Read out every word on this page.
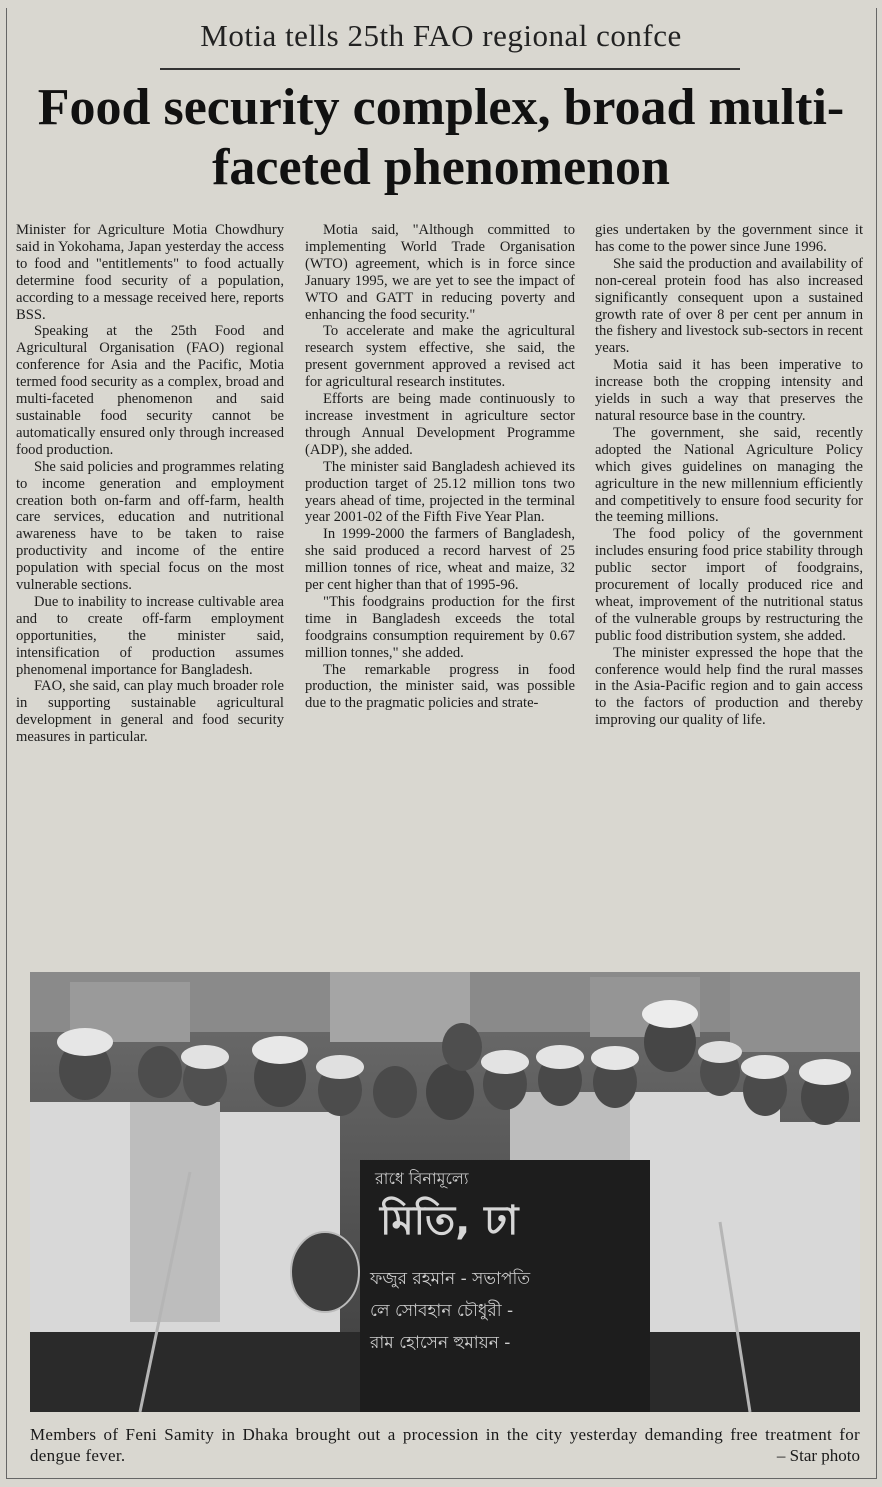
Motia tells 25th FAO regional confce
Food security complex, broad multi-faceted phenomenon

Minister for Agriculture Motia Chowdhury said in Yokohama, Japan yesterday the access to food and "entitlements" to food actually determine food security of a population, according to a message received here, reports BSS.

Speaking at the 25th Food and Agricultural Organisation (FAO) regional conference for Asia and the Pacific, Motia termed food security as a complex, broad and multi-faceted phenomenon and said sustainable food security cannot be automatically ensured only through increased food production.

She said policies and programmes relating to income generation and employment creation both on-farm and off-farm, health care services, education and nutritional awareness have to be taken to raise productivity and income of the entire population with special focus on the most vulnerable sections.

Due to inability to increase cultivable area and to create off-farm employment opportunities, the minister said, intensification of production assumes phenomenal importance for Bangladesh.

FAO, she said, can play much broader role in supporting sustainable agricultural development in general and food security measures in particular.

Motia said, "Although committed to implementing World Trade Organisation (WTO) agreement, which is in force since January 1995, we are yet to see the impact of WTO and GATT in reducing poverty and enhancing the food security."

To accelerate and make the agricultural research system effective, she said, the present government approved a revised act for agricultural research institutes.

Efforts are being made continuously to increase investment in agriculture sector through Annual Development Programme (ADP), she added.

The minister said Bangladesh achieved its production target of 25.12 million tons two years ahead of time, projected in the terminal year 2001-02 of the Fifth Five Year Plan.

In 1999-2000 the farmers of Bangladesh, she said produced a record harvest of 25 million tonnes of rice, wheat and maize, 32 per cent higher than that of 1995-96.

"This foodgrains production for the first time in Bangladesh exceeds the total foodgrains consumption requirement by 0.67 million tonnes," she added.

The remarkable progress in food production, the minister said, was possible due to the pragmatic policies and strate-

gies undertaken by the government since it has come to the power since June 1996.

She said the production and availability of non-cereal protein food has also increased significantly consequent upon a sustained growth rate of over 8 per cent per annum in the fishery and livestock sub-sectors in recent years.

Motia said it has been imperative to increase both the cropping intensity and yields in such a way that preserves the natural resource base in the country.

The government, she said, recently adopted the National Agriculture Policy which gives guidelines on managing the agriculture in the new millennium efficiently and competitively to ensure food security for the teeming millions.

The food policy of the government includes ensuring food price stability through public sector import of foodgrains, procurement of locally produced rice and wheat, improvement of the nutritional status of the vulnerable groups by restructuring the public food distribution system, she added.

The minister expressed the hope that the conference would help find the rural masses in the Asia-Pacific region and to gain access to the factors of production and thereby improving our quality of life.

রাধে বিনামূল্যে
মিতি, ঢা
ফজুর রহমান - সভাপতি
লে সোবহান চৌধুরী -
রাম হোসেন হুমায়ন -
Members of Feni Samity in Dhaka brought out a procession in the city yesterday demanding free treatment for dengue fever.	– Star photo
